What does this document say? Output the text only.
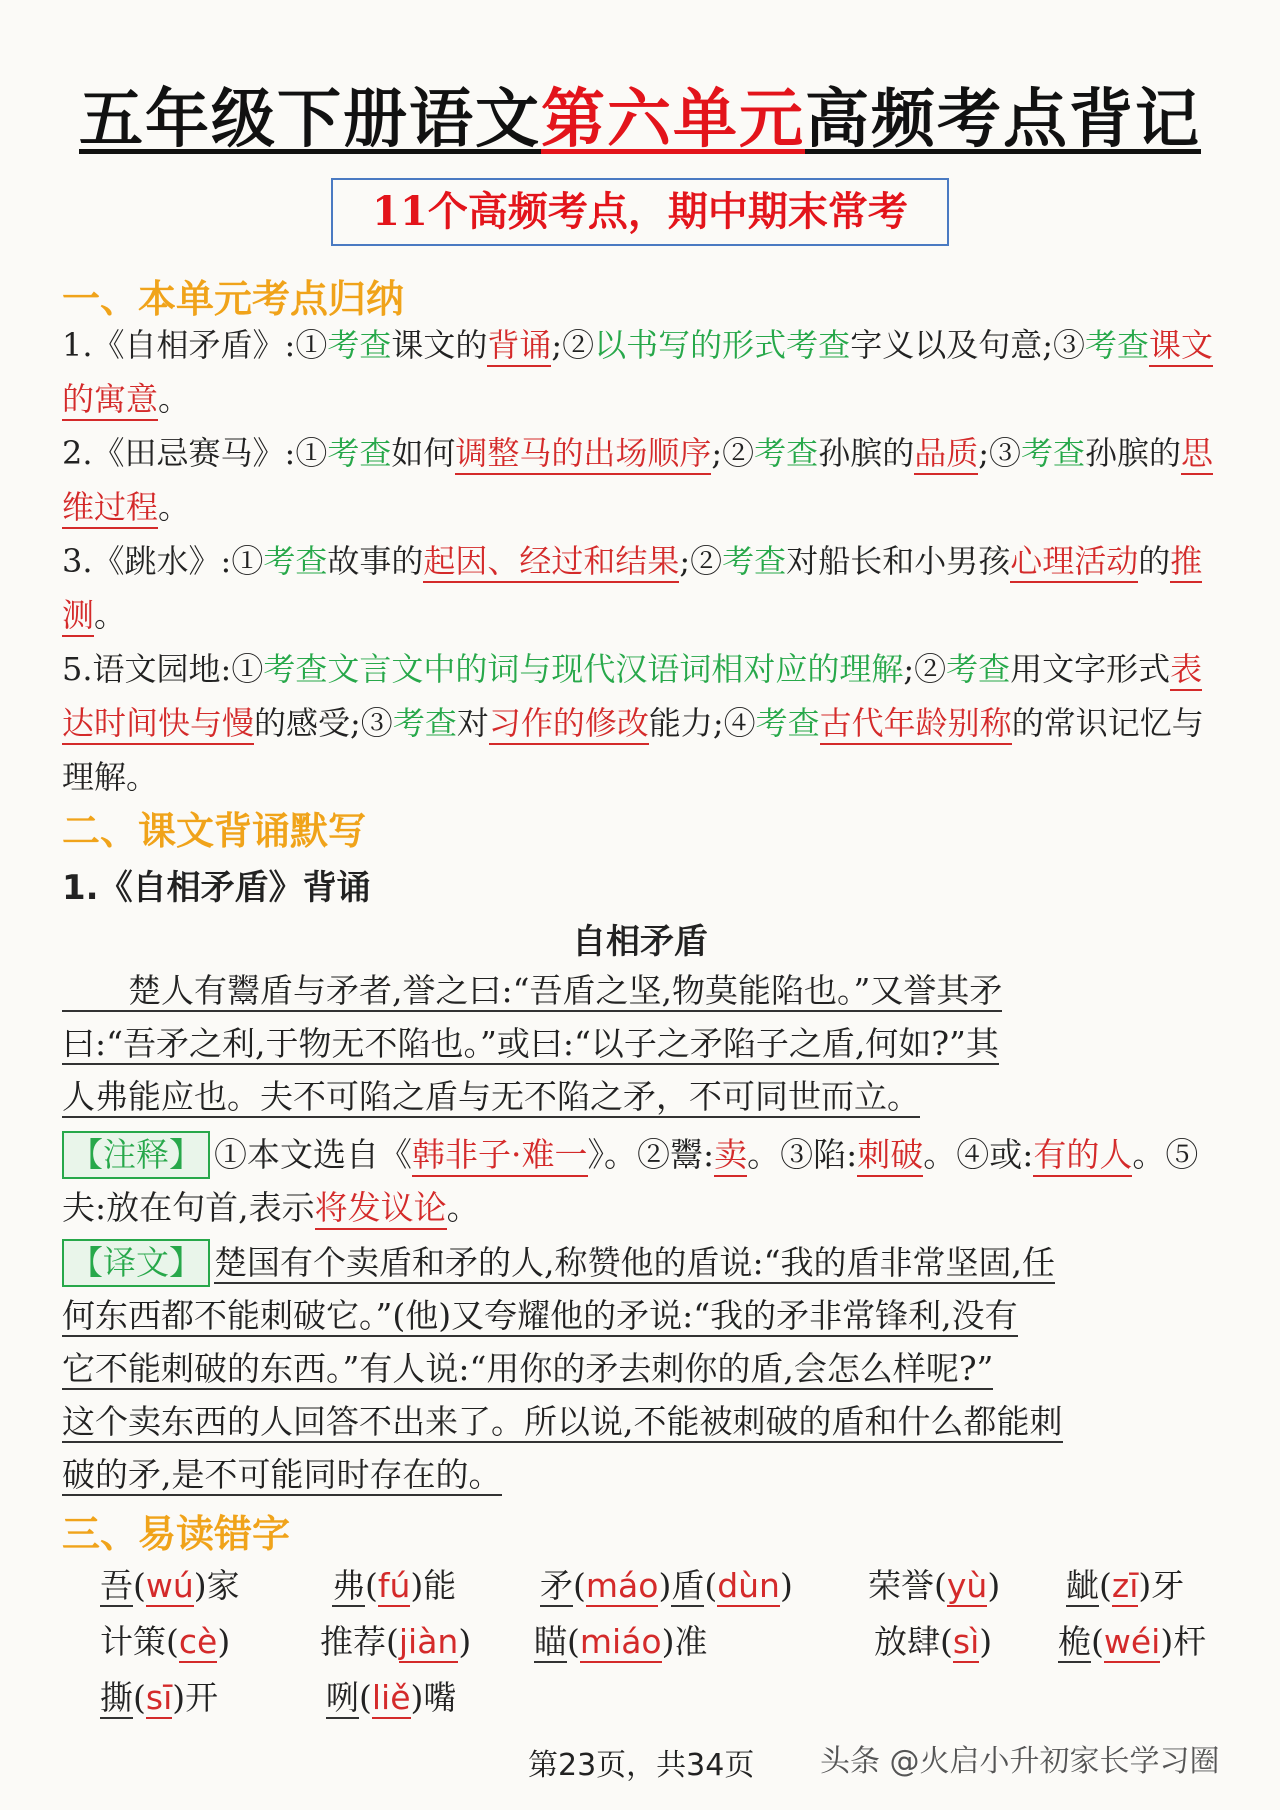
五年级下册语文第六单元高频考点背记
11个高频考点，期中期末常考
一、本单元考点归纳
1.《自相矛盾》:①考查课文的背诵;②以书写的形式考查字义以及句意;③考查课文的寓意。
2.《田忌赛马》:①考查如何调整马的出场顺序;②考查孙膑的品质;③考查孙膑的思维过程。
3.《跳水》:①考查故事的起因、经过和结果;②考查对船长和小男孩心理活动的推测。
5.语文园地:①考查文言文中的词与现代汉语词相对应的理解;②考查用文字形式表达时间快与慢的感受;③考查对习作的修改能力;④考查古代年龄别称的常识记忆与理解。
二、课文背诵默写
1.《自相矛盾》背诵
自相矛盾
　　楚人有鬻盾与矛者,誉之曰:“吾盾之坚,物莫能陷也。”又誉其矛
曰:“吾矛之利,于物无不陷也。”或曰:“以子之矛陷子之盾,何如?”其
人弗能应也。夫不可陷之盾与无不陷之矛，不可同世而立。
【注释】 ①本文选自《韩非子·难一》。②鬻:卖。③陷:刺破。④或:有的人。⑤夫:放在句首,表示将发议论。
【译文】 楚国有个卖盾和矛的人,称赞他的盾说:“我的盾非常坚固,任
何东西都不能刺破它。”(他)又夸耀他的矛说:“我的矛非常锋利,没有
它不能刺破的东西。”有人说:“用你的矛去刺你的盾,会怎么样呢?”
这个卖东西的人回答不出来了。所以说,不能被刺破的盾和什么都能刺
破的矛,是不可能同时存在的。
三、易读错字
吾(wú)家	弗(fú)能	矛(máo)盾(dùn) 荣誉(yù) 龇(zī)牙
计策(cè)	推荐(jiàn) 瞄(miáo)准	放肆(sì) 桅(wéi)杆
撕(sī)开	咧(liě)嘴
第23页，共34页 头条 @火启小升初家长学习圈
